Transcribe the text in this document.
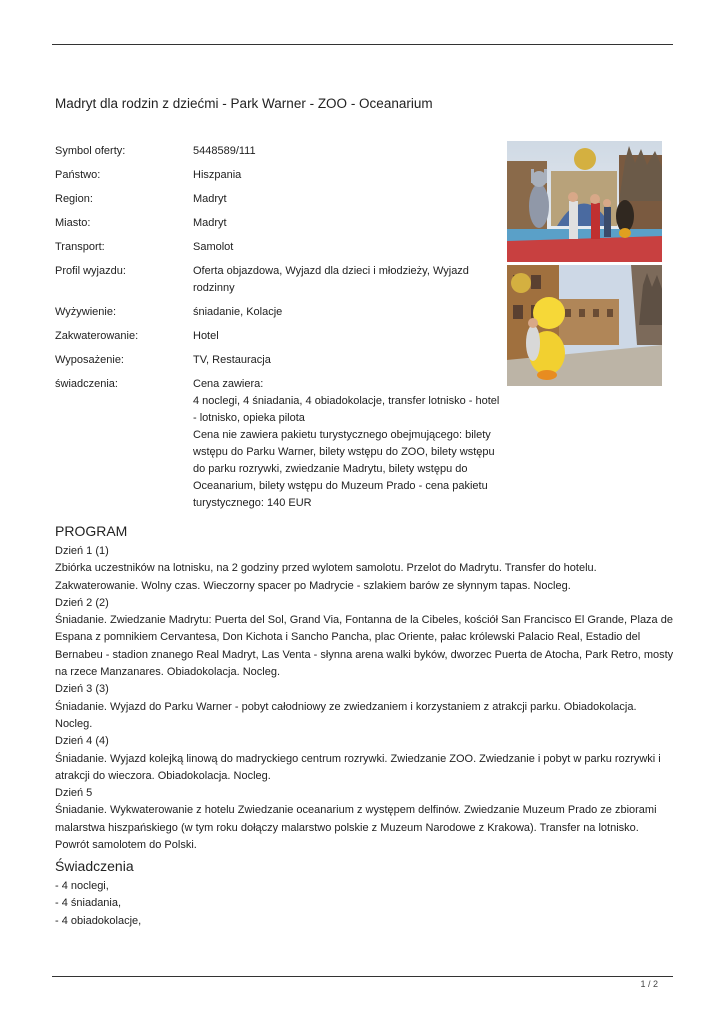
Madryt dla rodzin z dziećmi - Park Warner - ZOO - Oceanarium
Symbol oferty:	5448589/111
Państwo:	Hiszpania
Region:	Madryt
Miasto:	Madryt
Transport:	Samolot
Profil wyjazdu:	Oferta objazdowa, Wyjazd dla dzieci i młodzieży, Wyjazd rodzinny
Wyżywienie:	śniadanie, Kolacje
Zakwaterowanie:	Hotel
Wyposażenie:	TV, Restauracja
świadczenia:	Cena zawiera:
4 noclegi, 4 śniadania, 4 obiadokolacje, transfer lotnisko - hotel - lotnisko, opieka pilota
Cena nie zawiera pakietu turystycznego obejmującego: bilety wstępu do Parku Warner, bilety wstępu do ZOO, bilety wstępu do parku rozrywki, zwiedzanie Madrytu, bilety wstępu do Oceanarium, bilety wstępu do Muzeum Prado - cena pakietu turystycznego: 140 EUR
PROGRAM
Dzień 1 (1)
Zbiórka uczestników na lotnisku, na 2 godziny przed wylotem samolotu. Przelot do Madrytu. Transfer do hotelu. Zakwaterowanie. Wolny czas. Wieczorny spacer po Madrycie - szlakiem barów ze słynnym tapas. Nocleg.
Dzień 2 (2)
Śniadanie. Zwiedzanie Madrytu: Puerta del Sol, Grand Via, Fontanna de la Cibeles, kościół San Francisco El Grande, Plaza de Espana z pomnikiem Cervantesa, Don Kichota i Sancho Pancha, plac Oriente, pałac królewski Palacio Real, Estadio del Bernabeu - stadion znanego Real Madryt, Las Venta - słynna arena walki byków, dworzec Puerta de Atocha, Park Retro, mosty na rzece Manzanares. Obiadokolacja. Nocleg.
Dzień 3 (3)
Śniadanie. Wyjazd do Parku Warner - pobyt całodniowy ze zwiedzaniem i korzystaniem z atrakcji parku. Obiadokolacja. Nocleg.
Dzień 4 (4)
Śniadanie. Wyjazd kolejką linową do madryckiego centrum rozrywki. Zwiedzanie ZOO. Zwiedzanie i pobyt w parku rozrywki i atrakcji do wieczora. Obiadokolacja. Nocleg.
Dzień 5
Śniadanie. Wykwaterowanie z hotelu Zwiedzanie oceanarium z występem delfinów. Zwiedzanie Muzeum Prado ze zbiorami malarstwa hiszpańskiego (w tym roku dołączy malarstwo polskie z Muzeum Narodowe z Krakowa). Transfer na lotnisko. Powrót samolotem do Polski.
Świadczenia
- 4 noclegi,
- 4 śniadania,
- 4 obiadokolacje,
1 / 2
